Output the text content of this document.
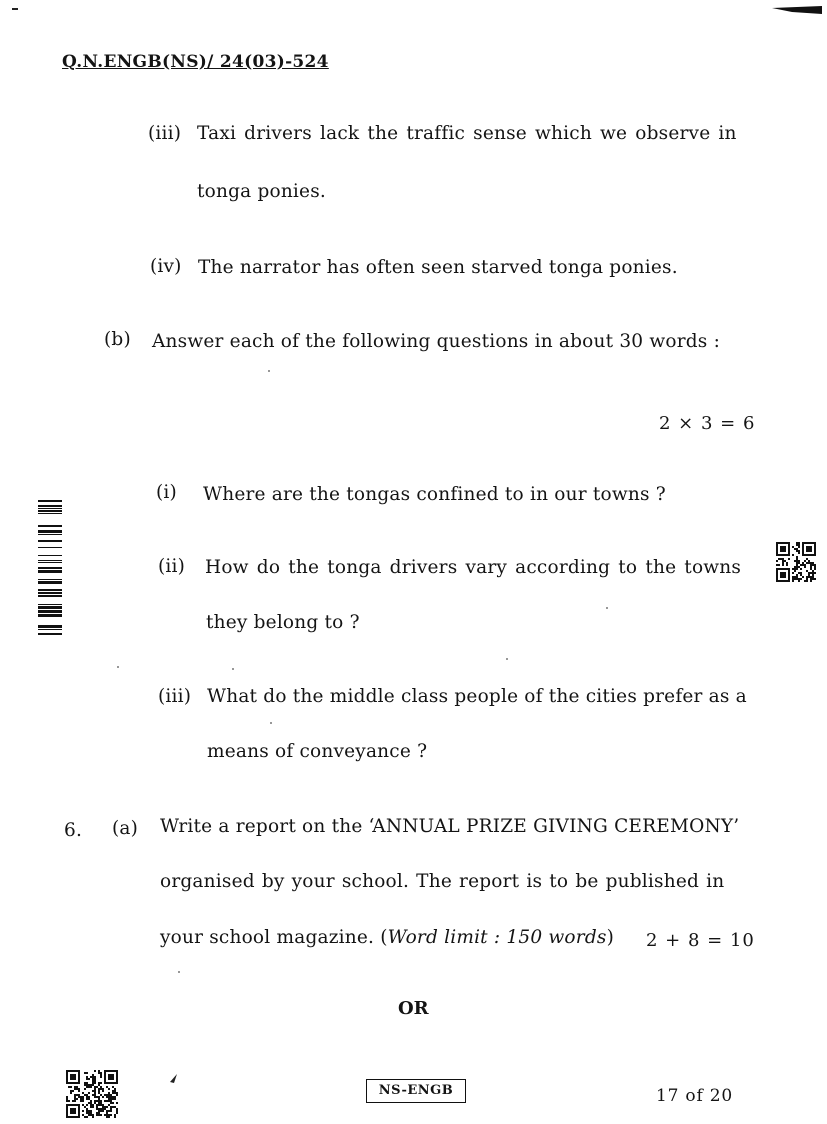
Q.N.ENGB(NS)/ 24(03)-524
(iii) Taxi drivers lack the traffic sense which we observe in
tonga ponies.
(iv) The narrator has often seen starved tonga ponies.
(b) Answer each of the following questions in about 30 words :
2 × 3 = 6
(i) Where are the tongas confined to in our towns ?
(ii) How do the tonga drivers vary according to the towns
they belong to ?
(iii) What do the middle class people of the cities prefer as a
means of conveyance ?
6. (a) Write a report on the ‘ANNUAL PRIZE GIVING CEREMONY’
organised by your school. The report is to be published in
your school magazine. (Word limit : 150 words) 2 + 8 = 10
OR
NS-ENGB	17 of 20
